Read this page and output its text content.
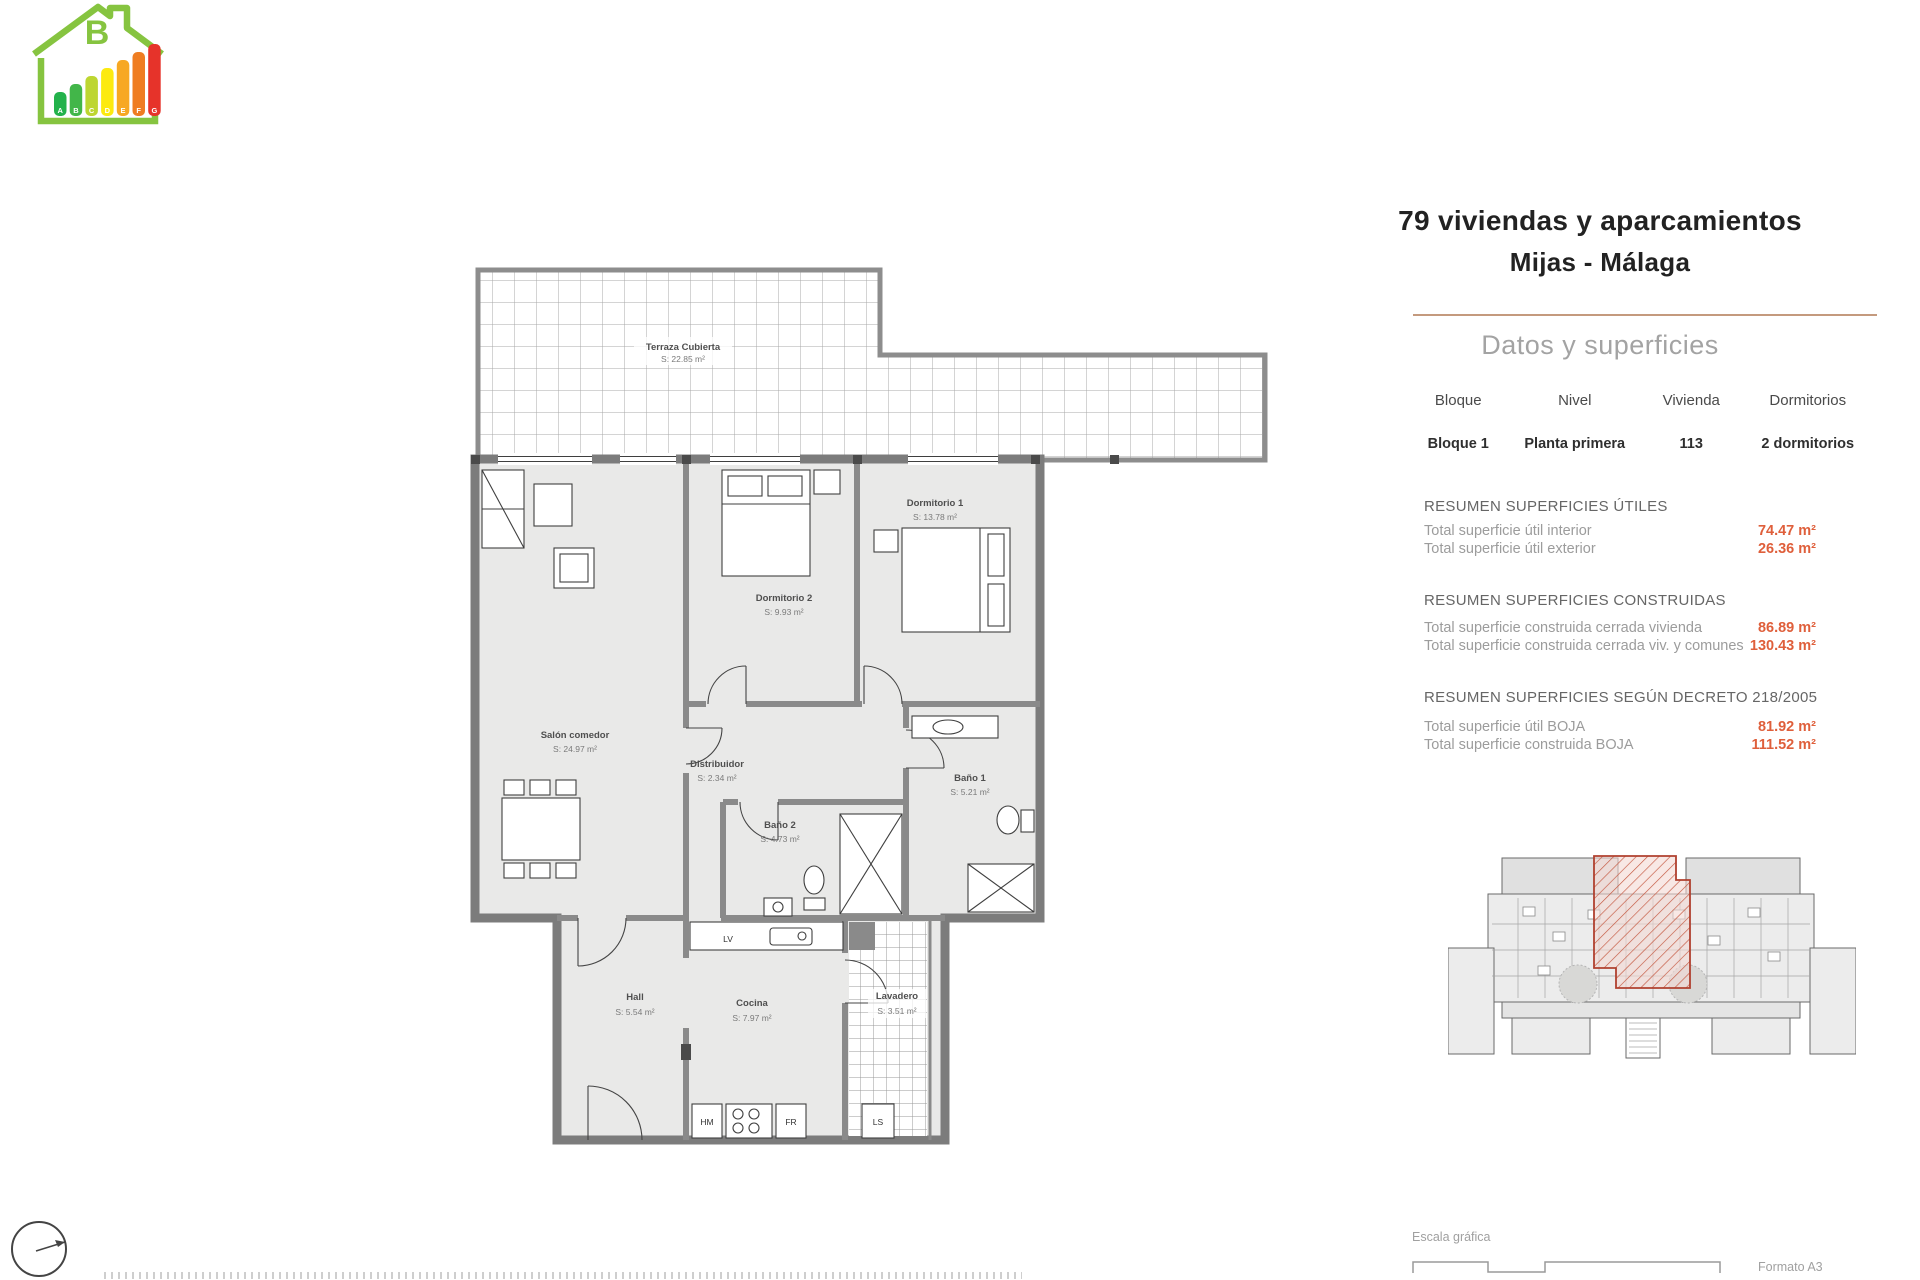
B
A B C D E F G
LV
HM	FR	LS
Terraza Cubierta
S: 22.85 m²
Salón comedor
S: 24.97 m²
Dormitorio 2
S: 9.93 m²
Dormitorio 1
S: 13.78 m²
Distribuidor
S: 2.34 m²	Baño 1
S: 5.21 m²
Baño 2
S: 4.73 m²
Hall
S: 5.54 m²
Cocina
S: 7.97 m²
Lavadero
S: 3.51 m²
79 viviendas y aparcamientos
Mijas - Málaga
Datos y superficies
Bloque	Nivel	Vivienda	Dormitorios
Bloque 1	Planta primera	113	2 dormitorios
RESUMEN SUPERFICIES ÚTILES
Total superficie útil interior	74.47 m²
Total superficie útil exterior	26.36 m²
RESUMEN SUPERFICIES CONSTRUIDAS
Total superficie construida cerrada vivienda	86.89 m²
Total superficie construida cerrada viv. y comunes 130.43 m²
RESUMEN SUPERFICIES SEGÚN DECRETO 218/2005
Total superficie útil BOJA	81.92 m²
Total superficie construida BOJA	111.52 m²
Escala gráfica
Formato A3
